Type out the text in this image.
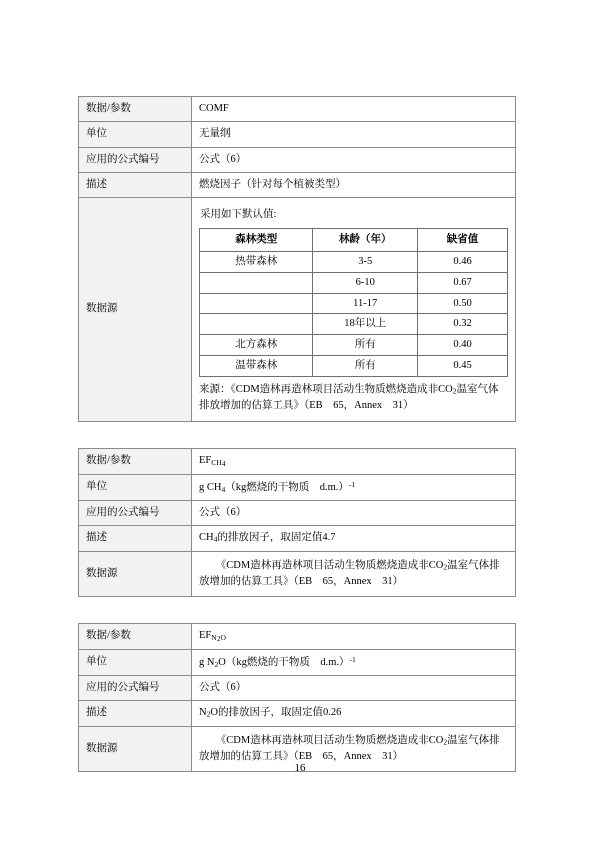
数据/参数	COMF
单位	无量纲
应用的公式编号	公式（6）
描述	燃烧因子（针对每个植被类型）
数据源	
采用如下默认值:
森林类型	林龄（年）	缺省值
热带森林	3-5	0.46
	6-10	0.67
	11-17	0.50
	18年以上	0.32
北方森林	所有	0.40
温带森林	所有	0.45
来源：《CDM造林再造林项目活动生物质燃烧造成非$CO_2$温室气体排放增加的估算工具》（EB　65，Annex　31）
数据/参数	$EF_{CH_4}$
单位	g $CH_4(kg$燃烧的干物质　d.m.）$^{-1}$
应用的公式编号	公式（6）
描述	$CH_4$的排放因子，取固定值4.7
数据源	《CDM造林再造林项目活动生物质燃烧造成非$CO_2$温室气体排放增加的估算工具》（EB　65，Annex　31）
数据/参数	$EF_{N_2O}$
单位	g $N_2O(kg$燃烧的干物质　d.m.）$^{-1}$
应用的公式编号	公式（6）
描述	$N_2O$的排放因子，取固定值0.26
数据源	《CDM造林再造林项目活动生物质燃烧造成非$CO_2$温室气体排放增加的估算工具》（EB　65，Annex　31）
16
